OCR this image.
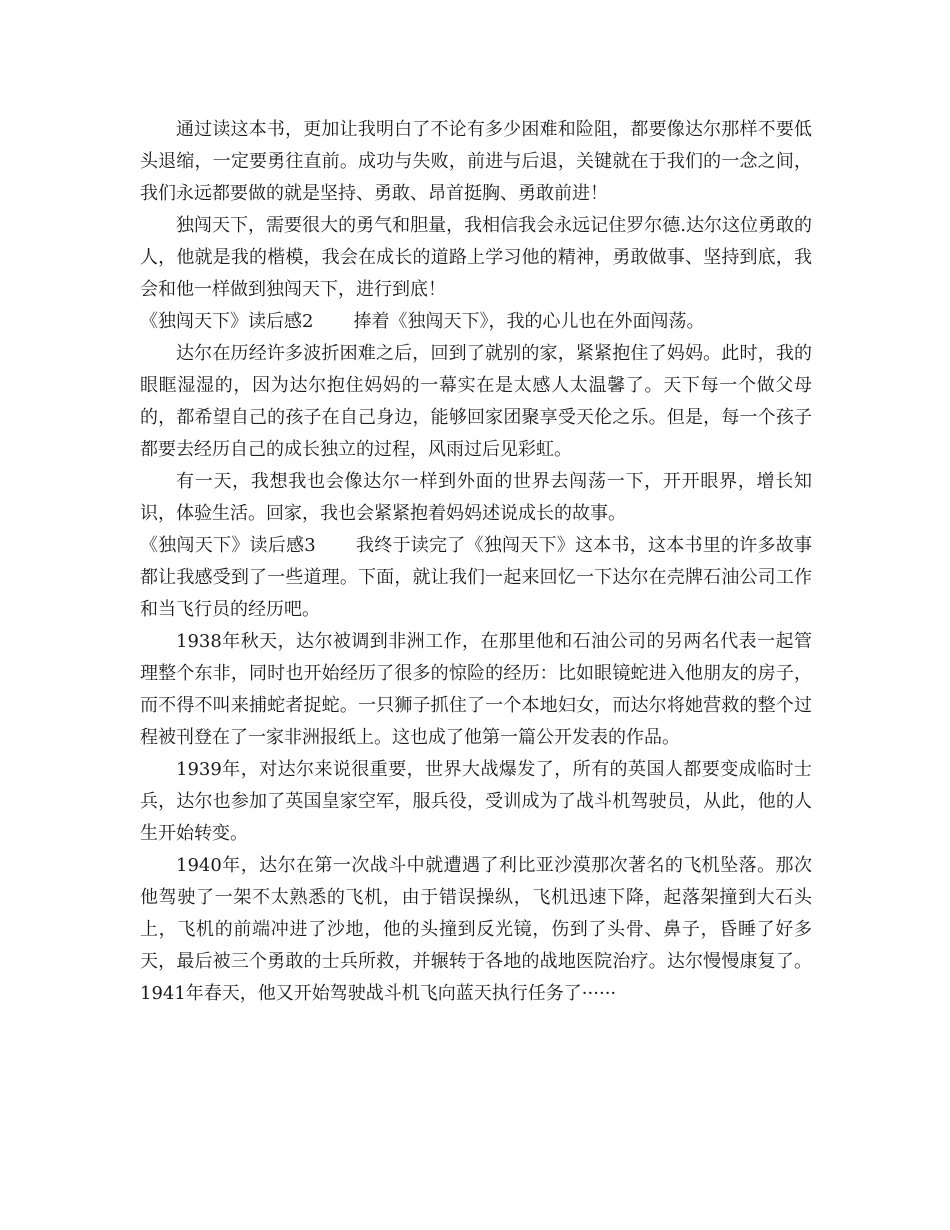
通过读这本书，更加让我明白了不论有多少困难和险阻，都要像达尔那样不要低头退缩，一定要勇往直前。成功与失败，前进与后退，关键就在于我们的一念之间，我们永远都要做的就是坚持、勇敢、昂首挺胸、勇敢前进！

独闯天下，需要很大的勇气和胆量，我相信我会永远记住罗尔德.达尔这位勇敢的人，他就是我的楷模，我会在成长的道路上学习他的精神，勇敢做事、坚持到底，我会和他一样做到独闯天下，进行到底！

《独闯天下》读后感2 捧着《独闯天下》，我的心儿也在外面闯荡。

达尔在历经许多波折困难之后，回到了就别的家，紧紧抱住了妈妈。此时，我的眼眶湿湿的，因为达尔抱住妈妈的一幕实在是太感人太温馨了。天下每一个做父母的，都希望自己的孩子在自己身边，能够回家团聚享受天伦之乐。但是，每一个孩子都要去经历自己的成长独立的过程，风雨过后见彩虹。

有一天，我想我也会像达尔一样到外面的世界去闯荡一下，开开眼界，增长知识，体验生活。回家，我也会紧紧抱着妈妈述说成长的故事。

《独闯天下》读后感3 我终于读完了《独闯天下》这本书，这本书里的许多故事都让我感受到了一些道理。下面，就让我们一起来回忆一下达尔在壳牌石油公司工作和当飞行员的经历吧。

1938年秋天，达尔被调到非洲工作，在那里他和石油公司的另两名代表一起管理整个东非，同时也开始经历了很多的惊险的经历：比如眼镜蛇进入他朋友的房子，而不得不叫来捕蛇者捉蛇。一只狮子抓住了一个本地妇女，而达尔将她营救的整个过程被刊登在了一家非洲报纸上。这也成了他第一篇公开发表的作品。

1939年，对达尔来说很重要，世界大战爆发了，所有的英国人都要变成临时士兵，达尔也参加了英国皇家空军，服兵役，受训成为了战斗机驾驶员，从此，他的人生开始转变。

1940年，达尔在第一次战斗中就遭遇了利比亚沙漠那次著名的飞机坠落。那次他驾驶了一架不太熟悉的飞机，由于错误操纵，飞机迅速下降，起落架撞到大石头上，飞机的前端冲进了沙地，他的头撞到反光镜，伤到了头骨、鼻子，昏睡了好多天，最后被三个勇敢的士兵所救，并辗转于各地的战地医院治疗。达尔慢慢康复了。1941年春天，他又开始驾驶战斗机飞向蓝天执行任务了······
